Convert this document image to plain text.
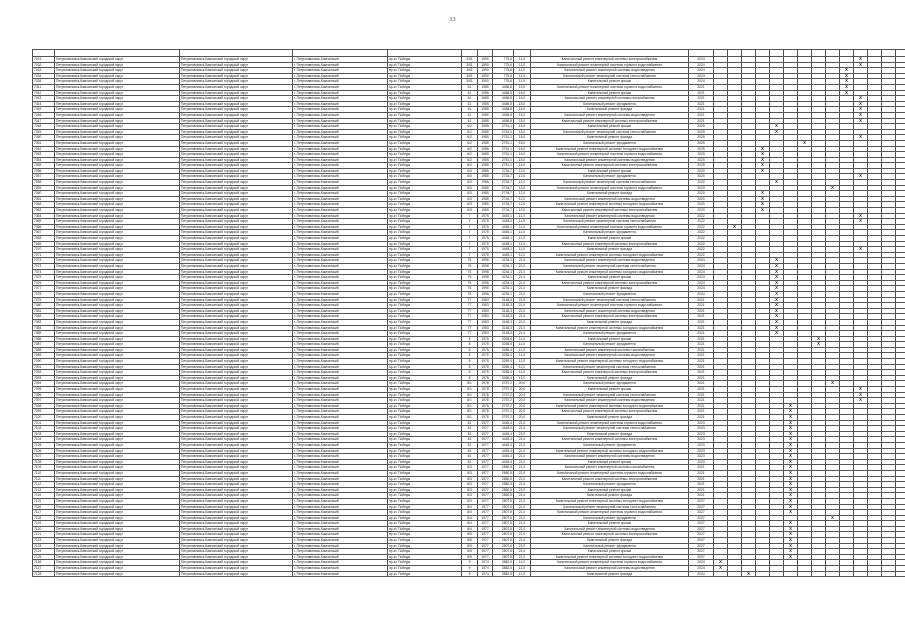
13

7031	Петропавловск-Камчатский городской округ	Петропавловск-Камчатский городской округ	г. Петропавловск-Камчатский	пр-кт. Победы	3/б1	1990	775,6	11,0	Капитальный ремонт инженерной системы электроснабжения	2024											X			
7032	Петропавловск-Камчатский городской округ	Петропавловск-Камчатский городской округ	г. Петропавловск-Камчатский	пр-кт. Победы	3/б1	1990	775,6	11,0	Капитальный ремонт инженерной системы горячего водоснабжения	2024											X			
7033	Петропавловск-Камчатский городской округ	Петропавловск-Камчатский городской округ	г. Петропавловск-Камчатский	пр-кт. Победы	3/б1	1990	775,6	11,0	Капитальный ремонт инженерной системы водоотведения	2024										X				
7034	Петропавловск-Камчатский городской округ	Петропавловск-Камчатский городской округ	г. Петропавловск-Камчатский	пр-кт. Победы	3/б1	1990	775,6	11,0	Капитальный ремонт инженерной системы теплоснабжения	2024										X				
7035	Петропавловск-Камчатский городской округ	Петропавловск-Камчатский городской округ	г. Петропавловск-Камчатский	пр-кт. Победы	3/б1	1990	775,6	11,0	Капитальный ремонт крыши	2024										X				
7041	Петропавловск-Камчатский городской округ	Петропавловск-Камчатский городской округ	г. Петропавловск-Камчатский	пр-кт. Победы	61	1985	4456,8	15,0	Капитальный ремонт инженерной системы горячего водоснабжения	2021										X				
7042	Петропавловск-Камчатский городской округ	Петропавловск-Камчатский городской округ	г. Петропавловск-Камчатский	пр-кт. Победы	61	1985	4456,8	15,0	Капитальный ремонт крыши	2021										X				
7043	Петропавловск-Камчатский городской округ	Петропавловск-Камчатский городской округ	г. Петропавловск-Камчатский	пр-кт. Победы	61	1985	4456,8	15,0	Капитальный ремонт инженерной системы газоснабжения	2021											X			
7044	Петропавловск-Камчатский городской округ	Петропавловск-Камчатский городской округ	г. Петропавловск-Камчатский	пр-кт. Победы	61	1985	4456,8	15,0	Капитальный ремонт фундамента	2021											X			
7045	Петропавловск-Камчатский городской округ	Петропавловск-Камчатский городской округ	г. Петропавловск-Камчатский	пр-кт. Победы	61	1985	4456,8	15,0	Капитальный ремонт фасада	2021											X			
7046	Петропавловск-Камчатский городской округ	Петропавловск-Камчатский городской округ	г. Петропавловск-Камчатский	пр-кт. Победы	61	1985	4456,8	15,0	Капитальный ремонт инженерной системы водоотведения	2021											X			
7047	Петропавловск-Камчатский городской округ	Петропавловск-Камчатский городской округ	г. Петропавловск-Камчатский	пр-кт. Победы	61	1985	4456,8	15,0	Капитальный ремонт инженерной системы электроснабжения	2021											X			
7048	Петропавловск-Камчатский городской округ	Петропавловск-Камчатский городской округ	г. Петропавловск-Камчатский	пр-кт. Победы	6/2	1985	2751,1	15,0	Капитальный ремонт крыши	2025					X									
7049	Петропавловск-Камчатский городской округ	Петропавловск-Камчатский городской округ	г. Петропавловск-Камчатский	пр-кт. Победы	6/2	1985	2751,1	15,0	Капитальный ремонт инженерной системы теплоснабжения	2025					X									
7050	Петропавловск-Камчатский городской округ	Петропавловск-Камчатский городской округ	г. Петропавловск-Камчатский	пр-кт. Победы	6/2	1985	2751,1	15,0	Капитальный ремонт фасада	2025											X			
7051	Петропавловск-Камчатский городской округ	Петропавловск-Камчатский городской округ	г. Петропавловск-Камчатский	пр-кт. Победы	6/2	1985	2751,1	15,0	Капитальный ремонт фундамента	2025							X							
7052	Петропавловск-Камчатский городской округ	Петропавловск-Камчатский городской округ	г. Петропавловск-Камчатский	пр-кт. Победы	6/2	1985	2751,1	15,0	Капитальный ремонт инженерной системы холодного водоснабжения	2025				X										
7053	Петропавловск-Камчатский городской округ	Петропавловск-Камчатский городской округ	г. Петропавловск-Камчатский	пр-кт. Победы	6/2	1985	2751,1	15,0	Капитальный ремонт инженерной системы горячего водоснабжения	2025				X										
7054	Петропавловск-Камчатский городской округ	Петропавловск-Камчатский городской округ	г. Петропавловск-Камчатский	пр-кт. Победы	6/2	1985	2751,1	15,0	Капитальный ремонт инженерной системы водоотведения	2025				X										
7055	Петропавловск-Камчатский городской округ	Петропавловск-Камчатский городской округ	г. Петропавловск-Камчатский	пр-кт. Победы	6/2	1985	2751,1	15,0	Капитальный ремонт инженерной системы электроснабжения	2025				X										
7056	Петропавловск-Камчатский городской округ	Петропавловск-Камчатский городской округ	г. Петропавловск-Камчатский	пр-кт. Победы	6/3	1985	2734,7	12,0	Капитальный ремонт крыши	2020				X										
7057	Петропавловск-Камчатский городской округ	Петропавловск-Камчатский городской округ	г. Петропавловск-Камчатский	пр-кт. Победы	6/3	1985	2734,7	12,0	Капитальный ремонт фундамента	2020											X			
7058	Петропавловск-Камчатский городской округ	Петропавловск-Камчатский городской округ	г. Петропавловск-Камчатский	пр-кт. Победы	6/3	1985	2734,7	12,0	Капитальный ремонт инженерной системы теплоснабжения	2020					X									
7059	Петропавловск-Камчатский городской округ	Петропавловск-Камчатский городской округ	г. Петропавловск-Камчатский	пр-кт. Победы	6/3	1985	2734,7	12,0	Капитальный ремонт инженерной системы горячего водоснабжения	2020									X					
7060	Петропавловск-Камчатский городской округ	Петропавловск-Камчатский городской округ	г. Петропавловск-Камчатский	пр-кт. Победы	6/3	1985	2734,7	12,0	Капитальный ремонт фасада	2020				X										
7061	Петропавловск-Камчатский городской округ	Петропавловск-Камчатский городской округ	г. Петропавловск-Камчатский	пр-кт. Победы	6/3	1985	2734,7	12,0	Капитальный ремонт инженерной системы водоотведения	2020				X										
7062	Петропавловск-Камчатский городской округ	Петропавловск-Камчатский городской округ	г. Петропавловск-Камчатский	пр-кт. Победы	6/3	1985	2734,7	12,0	Капитальный ремонт инженерной системы холодного водоснабжения	2020				X										
7063	Петропавловск-Камчатский городской округ	Петропавловск-Камчатский городской округ	г. Петропавловск-Камчатский	пр-кт. Победы	6/3	1985	2734,7	12,0	Капитальный ремонт инженерной системы электроснабжения	2020				X										
7064	Петропавловск-Камчатский городской округ	Петропавловск-Камчатский городской округ	г. Петропавловск-Камчатский	пр-кт. Победы	7	1975	4445,1	11,0	Капитальный ремонт инженерной системы водоотведения	2022											X			
7065	Петропавловск-Камчатский городской округ	Петропавловск-Камчатский городской округ	г. Петропавловск-Камчатский	пр-кт. Победы	7	1975	4445,1	11,0	Капитальный ремонт инженерной системы теплоснабжения	2022											X			
7066	Петропавловск-Камчатский городской округ	Петропавловск-Камчатский городской округ	г. Петропавловск-Камчатский	пр-кт. Победы	7	1975	4445,1	11,0	Капитальный ремонт инженерной системы горячего водоснабжения	2022		X												
7067	Петропавловск-Камчатский городской округ	Петропавловск-Камчатский городской округ	г. Петропавловск-Камчатский	пр-кт. Победы	7	1975	4445,1	11,0	Капитальный ремонт фундамента	2022														
7068	Петропавловск-Камчатский городской округ	Петропавловск-Камчатский городской округ	г. Петропавловск-Камчатский	пр-кт. Победы	7	1975	4445,1	11,0	Капитальный ремонт крыши	2022														
7069	Петропавловск-Камчатский городской округ	Петропавловск-Камчатский городской округ	г. Петропавловск-Камчатский	пр-кт. Победы	7	1975	4445,1	11,0	Капитальный ремонт инженерной системы электроснабжения	2022														
7070	Петропавловск-Камчатский городской округ	Петропавловск-Камчатский городской округ	г. Петропавловск-Камчатский	пр-кт. Победы	7	1975	4445,1	11,0	Капитальный ремонт фасада	2022											X			
7071	Петропавловск-Камчатский городской округ	Петропавловск-Камчатский городской округ	г. Петропавловск-Камчатский	пр-кт. Победы	7	1975	4445,1	11,0	Капитальный ремонт инженерной системы холодного водоснабжения	2022														
7072	Петропавловск-Камчатский городской округ	Петропавловск-Камчатский городской округ	г. Петропавловск-Камчатский	пр-кт. Победы	75	1998	4234,1	21,0	Капитальный ремонт инженерной системы водоотведения	2024					X									
7073	Петропавловск-Камчатский городской округ	Петропавловск-Камчатский городской округ	г. Петропавловск-Камчатский	пр-кт. Победы	75	1998	4234,1	21,0	Капитальный ремонт инженерной системы теплоснабжения	2024					X									
7074	Петропавловск-Камчатский городской округ	Петропавловск-Камчатский городской округ	г. Петропавловск-Камчатский	пр-кт. Победы	75	1998	4234,1	21,0	Капитальный ремонт инженерной системы холодного водоснабжения	2024					X									
7075	Петропавловск-Камчатский городской округ	Петропавловск-Камчатский городской округ	г. Петропавловск-Камчатский	пр-кт. Победы	75	1998	4234,1	21,0	Капитальный ремонт крыши	2024					X									
7076	Петропавловск-Камчатский городской округ	Петропавловск-Камчатский городской округ	г. Петропавловск-Камчатский	пр-кт. Победы	75	1998	4234,1	21,0	Капитальный ремонт инженерной системы электроснабжения	2024					X									
7077	Петропавловск-Камчатский городской округ	Петропавловск-Камчатский городской округ	г. Петропавловск-Камчатский	пр-кт. Победы	75	1998	4234,1	21,0	Капитальный ремонт фасада	2024					X									
7078	Петропавловск-Камчатский городской округ	Петропавловск-Камчатский городской округ	г. Петропавловск-Камчатский	пр-кт. Победы	75	1998	4234,1	21,0	Капитальный ремонт фундамента	2024					X									
7079	Петропавловск-Камчатский городской округ	Петропавловск-Камчатский городской округ	г. Петропавловск-Камчатский	пр-кт. Победы	77	1983	3148,3	21,0	Капитальный ремонт инженерной системы теплоснабжения	2021					X									
7080	Петропавловск-Камчатский городской округ	Петропавловск-Камчатский городской округ	г. Петропавловск-Камчатский	пр-кт. Победы	77	1983	3148,3	21,0	Капитальный ремонт инженерной системы горячего водоснабжения	2021					X									
7081	Петропавловск-Камчатский городской округ	Петропавловск-Камчатский городской округ	г. Петропавловск-Камчатский	пр-кт. Победы	77	1983	3148,3	21,0	Капитальный ремонт инженерной системы водоотведения	2021					X									
7082	Петропавловск-Камчатский городской округ	Петропавловск-Камчатский городской округ	г. Петропавловск-Камчатский	пр-кт. Победы	77	1983	3148,3	21,0	Капитальный ремонт инженерной системы электроснабжения	2021					X									
7083	Петропавловск-Камчатский городской округ	Петропавловск-Камчатский городской округ	г. Петропавловск-Камчатский	пр-кт. Победы	77	1983	3148,3	21,0	Капитальный ремонт фасада	2021					X									
7084	Петропавловск-Камчатский городской округ	Петропавловск-Камчатский городской округ	г. Петропавловск-Камчатский	пр-кт. Победы	77	1983	3148,3	21,0	Капитальный ремонт инженерной системы холодного водоснабжения	2021					X									
7085	Петропавловск-Камчатский городской округ	Петропавловск-Камчатский городской округ	г. Петропавловск-Камчатский	пр-кт. Победы	77	1983	3148,3	21,0	Капитальный ремонт фундамента	2021					X									
7086	Петропавловск-Камчатский городской округ	Петропавловск-Камчатский городской округ	г. Петропавловск-Камчатский	пр-кт. Победы	8	1975	3265,4	11,0	Капитальный ремонт крыши	2021								X						
7087	Петропавловск-Камчатский городской округ	Петропавловск-Камчатский городской округ	г. Петропавловск-Камчатский	пр-кт. Победы	8	1975	3265,4	11,0	Капитальный ремонт фундамента	2021								X						
7088	Петропавловск-Камчатский городской округ	Петропавловск-Камчатский городской округ	г. Петропавловск-Камчатский	пр-кт. Победы	8	1975	3265,4	11,0	Капитальный ремонт инженерной системы газоснабжения	2021														
7089	Петропавловск-Камчатский городской округ	Петропавловск-Камчатский городской округ	г. Петропавловск-Камчатский	пр-кт. Победы	8	1975	3265,4	11,0	Капитальный ремонт инженерной системы водоотведения	2021														
7090	Петропавловск-Камчатский городской округ	Петропавловск-Камчатский городской округ	г. Петропавловск-Камчатский	пр-кт. Победы	8	1975	3265,4	11,0	Капитальный ремонт инженерной системы холодного водоснабжения	2021														
7091	Петропавловск-Камчатский городской округ	Петропавловск-Камчатский городской округ	г. Петропавловск-Камчатский	пр-кт. Победы	8	1975	3265,4	11,0	Капитальный ремонт инженерной системы теплоснабжения	2021														
7092	Петропавловск-Камчатский городской округ	Петропавловск-Камчатский городской округ	г. Петропавловск-Камчатский	пр-кт. Победы	8	1975	3265,4	11,0	Капитальный ремонт инженерной системы электроснабжения	2021														
7093	Петропавловск-Камчатский городской округ	Петропавловск-Камчатский городской округ	г. Петропавловск-Камчатский	пр-кт. Победы	8	1975	3265,4	11,0	Капитальный ремонт фасада	2021														
7094	Петропавловск-Камчатский городской округ	Петропавловск-Камчатский городской округ	г. Петропавловск-Камчатский	пр-кт. Победы	8/1	1978	2757,2	20,0	Капитальный ремонт фундамента	2021									X					
7095	Петропавловск-Камчатский городской округ	Петропавловск-Камчатский городской округ	г. Петропавловск-Камчатский	пр-кт. Победы	8/1	1978	2757,2	20,0	Капитальный ремонт крыши	2021											X			
7096	Петропавловск-Камчатский городской округ	Петропавловск-Камчатский городской округ	г. Петропавловск-Камчатский	пр-кт. Победы	8/1	1978	2757,2	20,0	Капитальный ремонт инженерной системы теплоснабжения	2021											X			
7097	Петропавловск-Камчатский городской округ	Петропавловск-Камчатский городской округ	г. Петропавловск-Камчатский	пр-кт. Победы	8/1	1978	2757,2	20,0	Капитальный ремонт инженерной системы водоотведения	2021											X			
7098	Петропавловск-Камчатский городской округ	Петропавловск-Камчатский городской округ	г. Петропавловск-Камчатский	пр-кт. Победы	8/1	1978	2757,2	20,0	Капитальный ремонт инженерной системы холодного водоснабжения	2021						X								
7099	Петропавловск-Камчатский городской округ	Петропавловск-Камчатский городской округ	г. Петропавловск-Камчатский	пр-кт. Победы	8/1	1978	2757,2	20,0	Капитальный ремонт инженерной системы электроснабжения	2021						X								
7100	Петропавловск-Камчатский городской округ	Петропавловск-Камчатский городской округ	г. Петропавловск-Камчатский	пр-кт. Победы	8/1	1978	2757,2	20,0	Капитальный ремонт фасада	2021						X								
7101	Петропавловск-Камчатский городской округ	Петропавловск-Камчатский городской округ	г. Петропавловск-Камчатский	пр-кт. Победы	81	1977	4445,4	21,0	Капитальный ремонт инженерной системы горячего водоснабжения	2023						X								
7102	Петропавловск-Камчатский городской округ	Петропавловск-Камчатский городской округ	г. Петропавловск-Камчатский	пр-кт. Победы	81	1977	4445,4	21,0	Капитальный ремонт инженерной системы теплоснабжения	2023						X								
7103	Петропавловск-Камчатский городской округ	Петропавловск-Камчатский городской округ	г. Петропавловск-Камчатский	пр-кт. Победы	81	1977	4445,4	21,0	Капитальный ремонт фасада	2023						X								
7104	Петропавловск-Камчатский городской округ	Петропавловск-Камчатский городской округ	г. Петропавловск-Камчатский	пр-кт. Победы	81	1977	4445,4	21,0	Капитальный ремонт инженерной системы электроснабжения	2023						X								
7105	Петропавловск-Камчатский городской округ	Петропавловск-Камчатский городской округ	г. Петропавловск-Камчатский	пр-кт. Победы	81	1977	4445,4	21,0	Капитальный ремонт фундамента	2023						X								
7106	Петропавловск-Камчатский городской округ	Петропавловск-Камчатский городской округ	г. Петропавловск-Камчатский	пр-кт. Победы	81	1977	4445,4	21,0	Капитальный ремонт инженерной системы холодного водоснабжения	2023						X								
7107	Петропавловск-Камчатский городской округ	Петропавловск-Камчатский городской округ	г. Петропавловск-Камчатский	пр-кт. Победы	81	1977	4445,4	21,0	Капитальный ремонт инженерной системы водоотведения	2023						X								
7108	Петропавловск-Камчатский городской округ	Петропавловск-Камчатский городской округ	г. Петропавловск-Камчатский	пр-кт. Победы	81	1977	4445,4	21,0	Капитальный ремонт крыши	2023						X								
7109	Петропавловск-Камчатский городской округ	Петропавловск-Камчатский городской округ	г. Петропавловск-Камчатский	пр-кт. Победы	8/3	1977	2850,5	21,0	Капитальный ремонт инженерной системы газоснабжения	2021						X								
7110	Петропавловск-Камчатский городской округ	Петропавловск-Камчатский городской округ	г. Петропавловск-Камчатский	пр-кт. Победы	8/3	1977	2850,5	21,0	Капитальный ремонт инженерной системы горячего водоснабжения	2021						X								
7111	Петропавловск-Камчатский городской округ	Петропавловск-Камчатский городской округ	г. Петропавловск-Камчатский	пр-кт. Победы	8/3	1977	2850,5	21,0	Капитальный ремонт инженерной системы электроснабжения	2021						X								
7112	Петропавловск-Камчатский городской округ	Петропавловск-Камчатский городской округ	г. Петропавловск-Камчатский	пр-кт. Победы	8/3	1977	2850,5	21,0	Капитальный ремонт фундамента	2021						X								
7113	Петропавловск-Камчатский городской округ	Петропавловск-Камчатский городской округ	г. Петропавловск-Камчатский	пр-кт. Победы	8/3	1977	2850,5	21,0	Капитальный ремонт крыши	2021						X								
7114	Петропавловск-Камчатский городской округ	Петропавловск-Камчатский городской округ	г. Петропавловск-Камчатский	пр-кт. Победы	8/3	1977	2850,5	21,0	Капитальный ремонт фасада	2021						X								
7115	Петропавловск-Камчатский городской округ	Петропавловск-Камчатский городской округ	г. Петропавловск-Камчатский	пр-кт. Победы	8/4	1977	2807,6	21,0	Капитальный ремонт инженерной системы холодного водоснабжения	2027						X								
7116	Петропавловск-Камчатский городской округ	Петропавловск-Камчатский городской округ	г. Петропавловск-Камчатский	пр-кт. Победы	8/4	1977	2807,6	21,0	Капитальный ремонт инженерной системы теплоснабжения	2027						X								
7117	Петропавловск-Камчатский городской округ	Петропавловск-Камчатский городской округ	г. Петропавловск-Камчатский	пр-кт. Победы	8/4	1977	2807,6	21,0	Капитальный ремонт инженерной системы горячего водоснабжения	2027						X								
7118	Петропавловск-Камчатский городской округ	Петропавловск-Камчатский городской округ	г. Петропавловск-Камчатский	пр-кт. Победы	8/4	1977	2807,6	21,0	Капитальный ремонт фундамента	2027									X					
7119	Петропавловск-Камчатский городской округ	Петропавловск-Камчатский городской округ	г. Петропавловск-Камчатский	пр-кт. Победы	8/4	1977	2807,6	21,0	Капитальный ремонт крыши	2027						X								
7120	Петропавловск-Камчатский городской округ	Петропавловск-Камчатский городской округ	г. Петропавловск-Камчатский	пр-кт. Победы	8/4	1977	2807,6	21,0	Капитальный ремонт инженерной системы водоотведения	2027						X								
7121	Петропавловск-Камчатский городской округ	Петропавловск-Камчатский городской округ	г. Петропавловск-Камчатский	пр-кт. Победы	8/5	1977	2807,6	21,0	Капитальный ремонт инженерной системы электроснабжения	2027						X								
7122	Петропавловск-Камчатский городской округ	Петропавловск-Камчатский городской округ	г. Петропавловск-Камчатский	пр-кт. Победы	8/5	1977	2807,6	21,0	Капитальный ремонт фасада	2027						X								
7123	Петропавловск-Камчатский городской округ	Петропавловск-Камчатский городской округ	г. Петропавловск-Камчатский	пр-кт. Победы	8/5	1977	2807,6	21,0	Капитальный ремонт фундамента	2027						X								
7124	Петропавловск-Камчатский городской округ	Петропавловск-Камчатский городской округ	г. Петропавловск-Камчатский	пр-кт. Победы	8/5	1977	2807,6	21,0	Капитальный ремонт крыши	2027						X								
7125	Петропавловск-Камчатский городской округ	Петропавловск-Камчатский городской округ	г. Петропавловск-Камчатский	пр-кт. Победы	8/5	1977	2807,6	21,0	Капитальный ремонт инженерной системы холодного водоснабжения	2027						X								
7126	Петропавловск-Камчатский городской округ	Петропавловск-Камчатский городской округ	г. Петропавловск-Камчатский	пр-кт. Победы	9	1974	3882,5	11,0	Капитальный ремонт инженерной системы горячего водоснабжения	2024	X													
7127	Петропавловск-Камчатский городской округ	Петропавловск-Камчатский городской округ	г. Петропавловск-Камчатский	пр-кт. Победы	9	1974	3882,5	11,0	Капитальный ремонт инженерной системы водоотведения	2024	X													
7128	Петропавловск-Камчатский городской округ	Петропавловск-Камчатский городской округ	г. Петропавловск-Камчатский	пр-кт. Победы	9	1974	3882,5	11,0	Капитальный ремонт фасада	2024			X											
